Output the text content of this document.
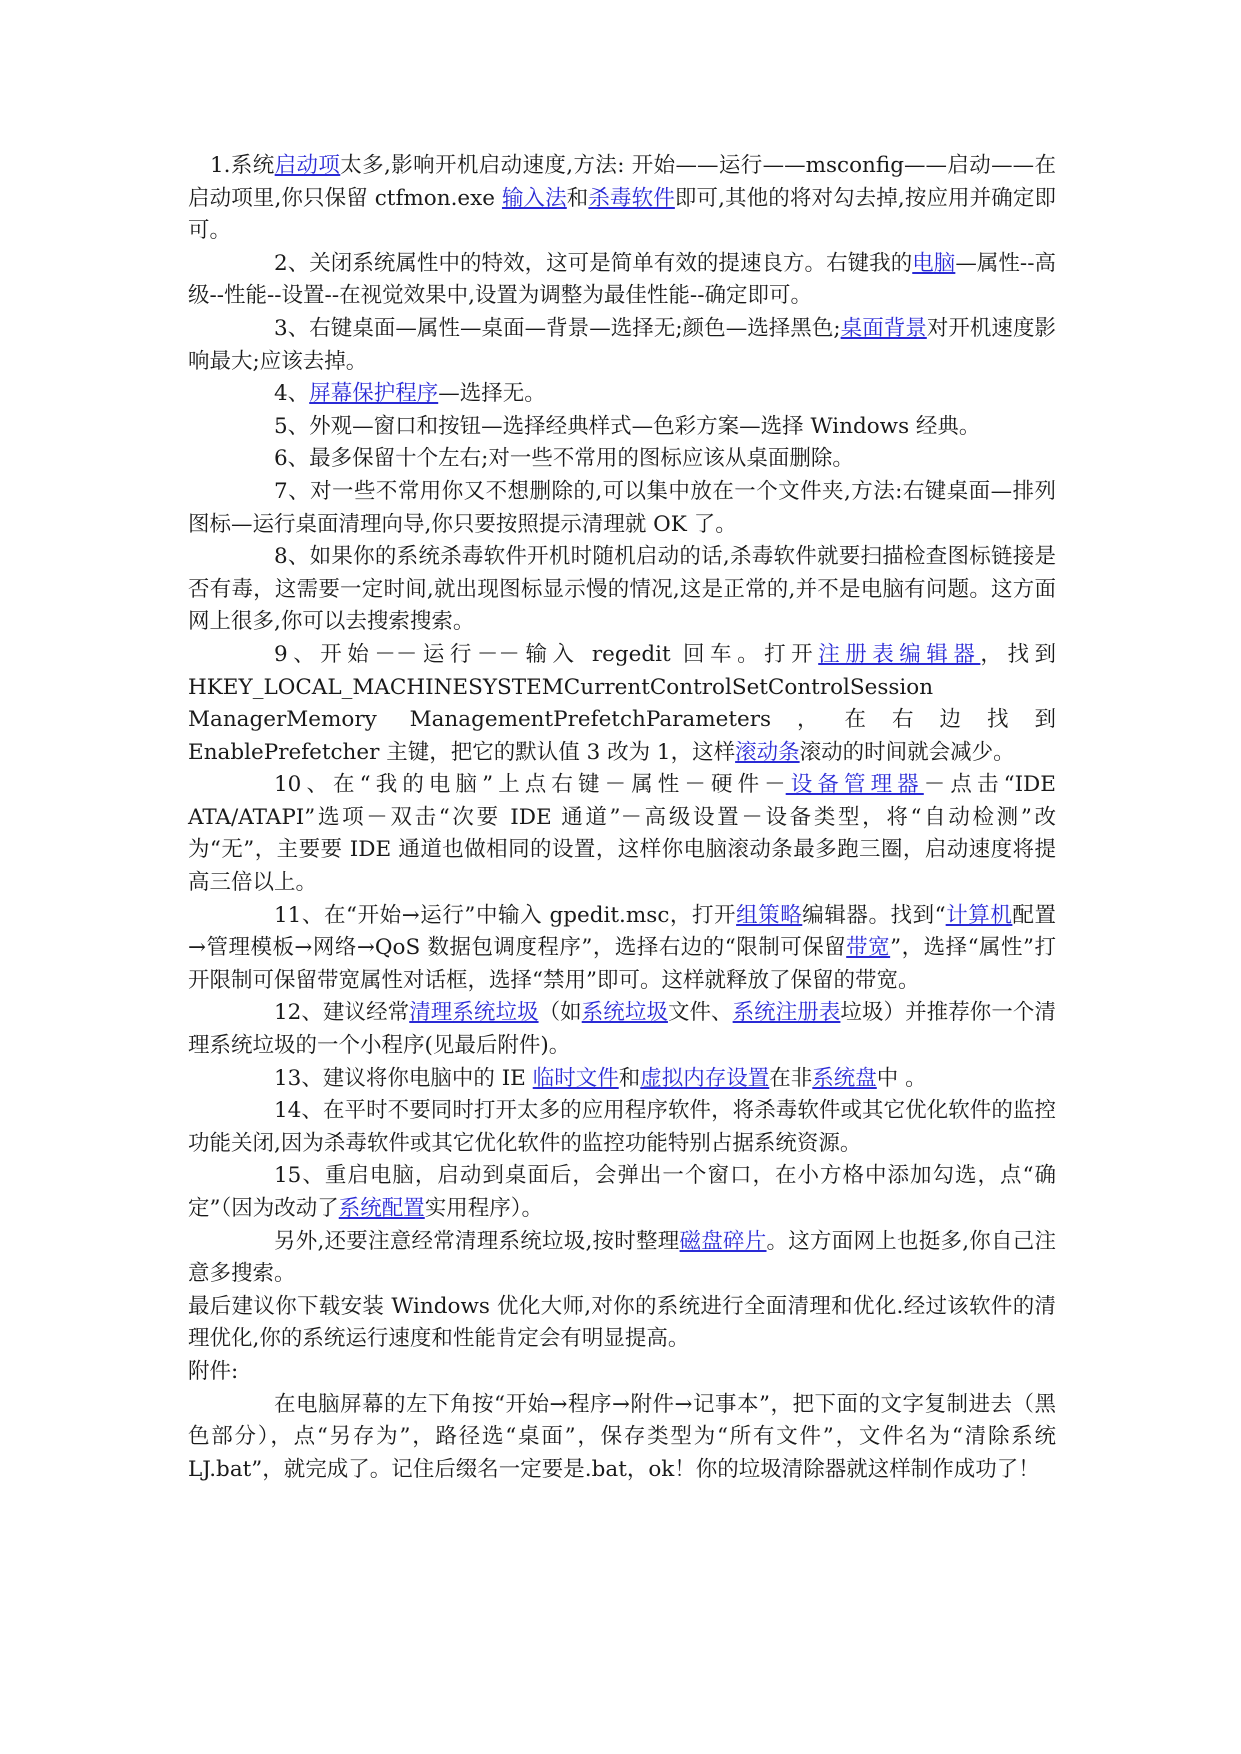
1.系统启动项太多,影响开机启动速度,方法: 开始——运行——msconfig——启动——在启动项里,你只保留 ctfmon.exe 输入法和杀毒软件即可,其他的将对勾去掉,按应用并确定即可。

2、关闭系统属性中的特效，这可是简单有效的提速良方。右键我的电脑—属性--高级--性能--设置--在视觉效果中,设置为调整为最佳性能--确定即可。

3、右键桌面—属性—桌面—背景—选择无;颜色—选择黑色;桌面背景对开机速度影响最大;应该去掉。

4、屏幕保护程序—选择无。

5、外观—窗口和按钮—选择经典样式—色彩方案—选择 Windows 经典。

6、最多保留十个左右;对一些不常用的图标应该从桌面删除。

7、对一些不常用你又不想删除的,可以集中放在一个文件夹,方法:右键桌面—排列图标—运行桌面清理向导,你只要按照提示清理就 OK 了。

8、如果你的系统杀毒软件开机时随机启动的话,杀毒软件就要扫描检查图标链接是否有毒，这需要一定时间,就出现图标显示慢的情况,这是正常的,并不是电脑有问题。这方面网上很多,你可以去搜索搜索。

9、开始－－运行－－输入 regedit 回车。打开注册表编辑器，找到 HKEY_LOCAL_MACHINESYSTEMCurrentControlSetControlSession ManagerMemory ManagementPrefetchParameters，在右边找到 EnablePrefetcher 主键，把它的默认值 3 改为 1，这样滚动条滚动的时间就会减少。

10、在“我的电脑”上点右键－属性－硬件－设备管理器－点击“IDE ATA/ATAPI”选项－双击“次要 IDE 通道”－高级设置－设备类型，将“自动检测”改为“无”，主要要 IDE 通道也做相同的设置，这样你电脑滚动条最多跑三圈，启动速度将提高三倍以上。

11、在“开始→运行”中输入 gpedit.msc，打开组策略编辑器。找到“计算机配置→管理模板→网络→QoS 数据包调度程序”，选择右边的“限制可保留带宽”，选择“属性”打开限制可保留带宽属性对话框，选择“禁用”即可。这样就释放了保留的带宽。

12、建议经常清理系统垃圾（如系统垃圾文件、系统注册表垃圾）并推荐你一个清理系统垃圾的一个小程序(见最后附件)。

13、建议将你电脑中的 IE 临时文件和虚拟内存设置在非系统盘中 。

14、在平时不要同时打开太多的应用程序软件，将杀毒软件或其它优化软件的监控功能关闭,因为杀毒软件或其它优化软件的监控功能特别占据系统资源。

15、重启电脑，启动到桌面后，会弹出一个窗口，在小方格中添加勾选，点“确定”（因为改动了系统配置实用程序）。

另外,还要注意经常清理系统垃圾,按时整理磁盘碎片。这方面网上也挺多,你自己注意多搜索。

最后建议你下载安装 Windows 优化大师,对你的系统进行全面清理和优化.经过该软件的清理优化,你的系统运行速度和性能肯定会有明显提高。

附件:

在电脑屏幕的左下角按“开始→程序→附件→记事本”，把下面的文字复制进去（黑色部分），点“另存为”，路径选“桌面”，保存类型为“所有文件”，文件名为“清除系统 LJ.bat”，就完成了。记住后缀名一定要是.bat，ok！你的垃圾清除器就这样制作成功了！
